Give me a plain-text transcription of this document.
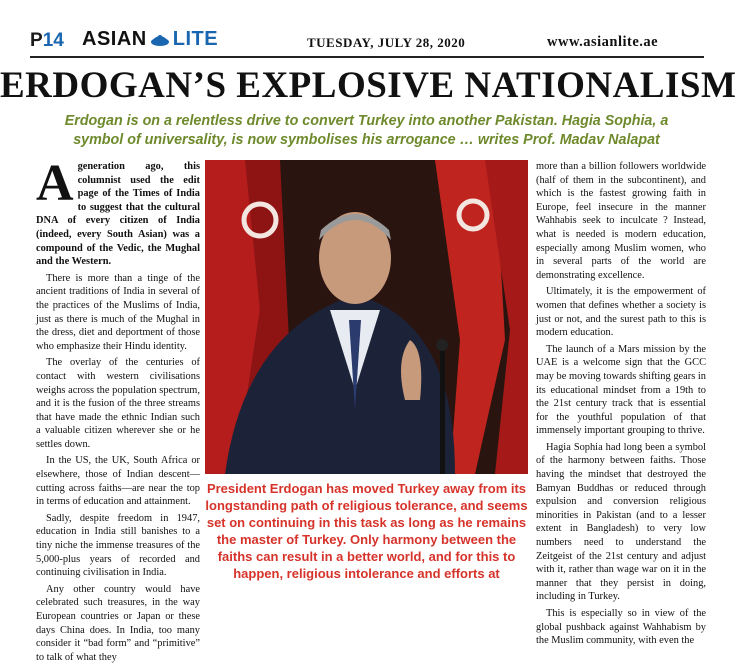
P14 ASIAN LITE	TUESDAY, JULY 28, 2020	www.asianlite.ae
ERDOGAN’S EXPLOSIVE NATIONALISM
Erdogan is on a relentless drive to convert Turkey into another Pakistan. Hagia Sophia, a symbol of universality, is now symbolises his arrogance … writes Prof. Madav Nalapat

Ageneration ago, this columnist used the edit page of the Times of India to suggest that the cultural DNA of every citizen of India (indeed, every South Asian) was a compound of the Vedic, the Mughal and the Western.

There is more than a tinge of the ancient traditions of India in several of the practices of the Muslims of India, just as there is much of the Mughal in the dress, diet and deportment of those who emphasize their Hindu identity.

The overlay of the centuries of contact with western civilisations weighs across the population spectrum, and it is the fusion of the three streams that have made the ethnic Indian such a valuable citizen wherever she or he settles down.

In the US, the UK, South Africa or elsewhere, those of Indian descent—cutting across faiths—are near the top in terms of education and attainment.

Sadly, despite freedom in 1947, education in India still banishes to a tiny niche the immense treasures of the 5,000-plus years of recorded and continuing civilisation in India.

Any other country would have celebrated such treasures, in the way European countries or Japan or these days China does. In India, too many consider it “bad form” and “primitive” to talk of what they

President Erdogan has moved Turkey away from its longstanding path of religious tolerance, and seems set on continuing in this task as long as he remains the master of Turkey. Only harmony between the faiths can result in a better world, and for this to happen, religious intolerance and efforts at

more than a billion followers worldwide (half of them in the subcontinent), and which is the fastest growing faith in Europe, feel insecure in the manner Wahhabis seek to inculcate ? Instead, what is needed is modern education, especially among Muslim women, who in several parts of the world are demonstrating excellence.

Ultimately, it is the empowerment of women that defines whether a society is just or not, and the surest path to this is modern education.

The launch of a Mars mission by the UAE is a welcome sign that the GCC may be moving towards shifting gears in its educational mindset from a 19th to the 21st century track that is essential for the youthful population of that immensely important grouping to thrive.

Hagia Sophia had long been a symbol of the harmony between faiths. Those having the mindset that destroyed the Bamyan Buddhas or reduced through expulsion and conversion religious minorities in Pakistan (and to a lesser extent in Bangladesh) to very low numbers need to understand the Zeitgeist of the 21st century and adjust with it, rather than wage war on it in the manner that they persist in doing, including in Turkey.

This is especially so in view of the global pushback against Wahhabism by the Muslim community, with even the
